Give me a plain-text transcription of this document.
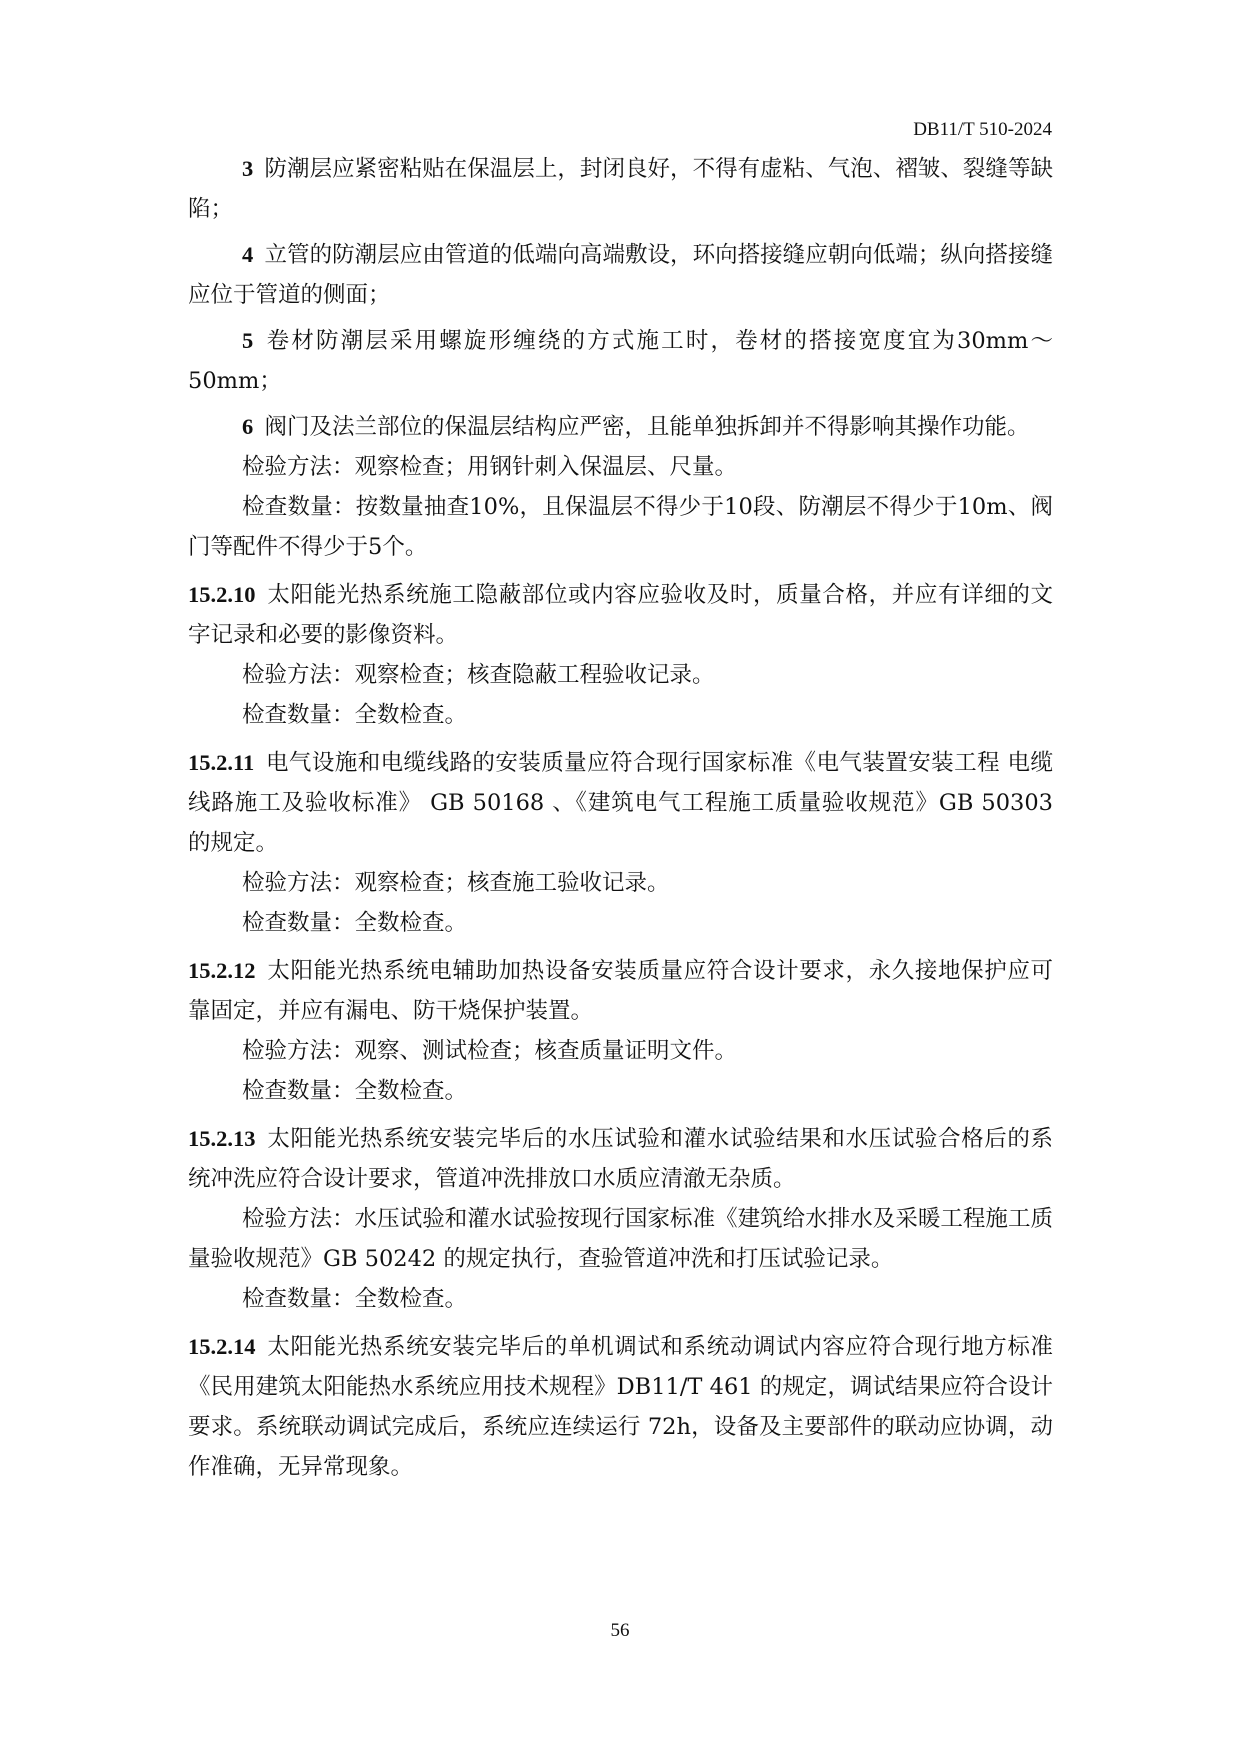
DB11/T 510-2024

3  防潮层应紧密粘贴在保温层上，封闭良好，不得有虚粘、气泡、褶皱、裂缝等缺陷；

4  立管的防潮层应由管道的低端向高端敷设，环向搭接缝应朝向低端；纵向搭接缝应位于管道的侧面；

5  卷材防潮层采用螺旋形缠绕的方式施工时，卷材的搭接宽度宜为30mm～50mm；

6  阀门及法兰部位的保温层结构应严密，且能单独拆卸并不得影响其操作功能。

检验方法：观察检查；用钢针刺入保温层、尺量。

检查数量：按数量抽查10%，且保温层不得少于10段、防潮层不得少于10m、阀门等配件不得少于5个。

15.2.10  太阳能光热系统施工隐蔽部位或内容应验收及时，质量合格，并应有详细的文字记录和必要的影像资料。

检验方法：观察检查；核查隐蔽工程验收记录。

检查数量：全数检查。

15.2.11  电气设施和电缆线路的安装质量应符合现行国家标准《电气装置安装工程 电缆线路施工及验收标准》 GB 50168 、《建筑电气工程施工质量验收规范》GB 50303 的规定。

检验方法：观察检查；核查施工验收记录。

检查数量：全数检查。

15.2.12  太阳能光热系统电辅助加热设备安装质量应符合设计要求，永久接地保护应可靠固定，并应有漏电、防干烧保护装置。

检验方法：观察、测试检查；核查质量证明文件。

检查数量：全数检查。

15.2.13  太阳能光热系统安装完毕后的水压试验和灌水试验结果和水压试验合格后的系统冲洗应符合设计要求，管道冲洗排放口水质应清澈无杂质。

检验方法：水压试验和灌水试验按现行国家标准《建筑给水排水及采暖工程施工质量验收规范》GB 50242 的规定执行，查验管道冲洗和打压试验记录。

检查数量：全数检查。

15.2.14  太阳能光热系统安装完毕后的单机调试和系统动调试内容应符合现行地方标准《民用建筑太阳能热水系统应用技术规程》DB11/T 461 的规定，调试结果应符合设计要求。系统联动调试完成后，系统应连续运行 72h，设备及主要部件的联动应协调，动作准确，无异常现象。

56
